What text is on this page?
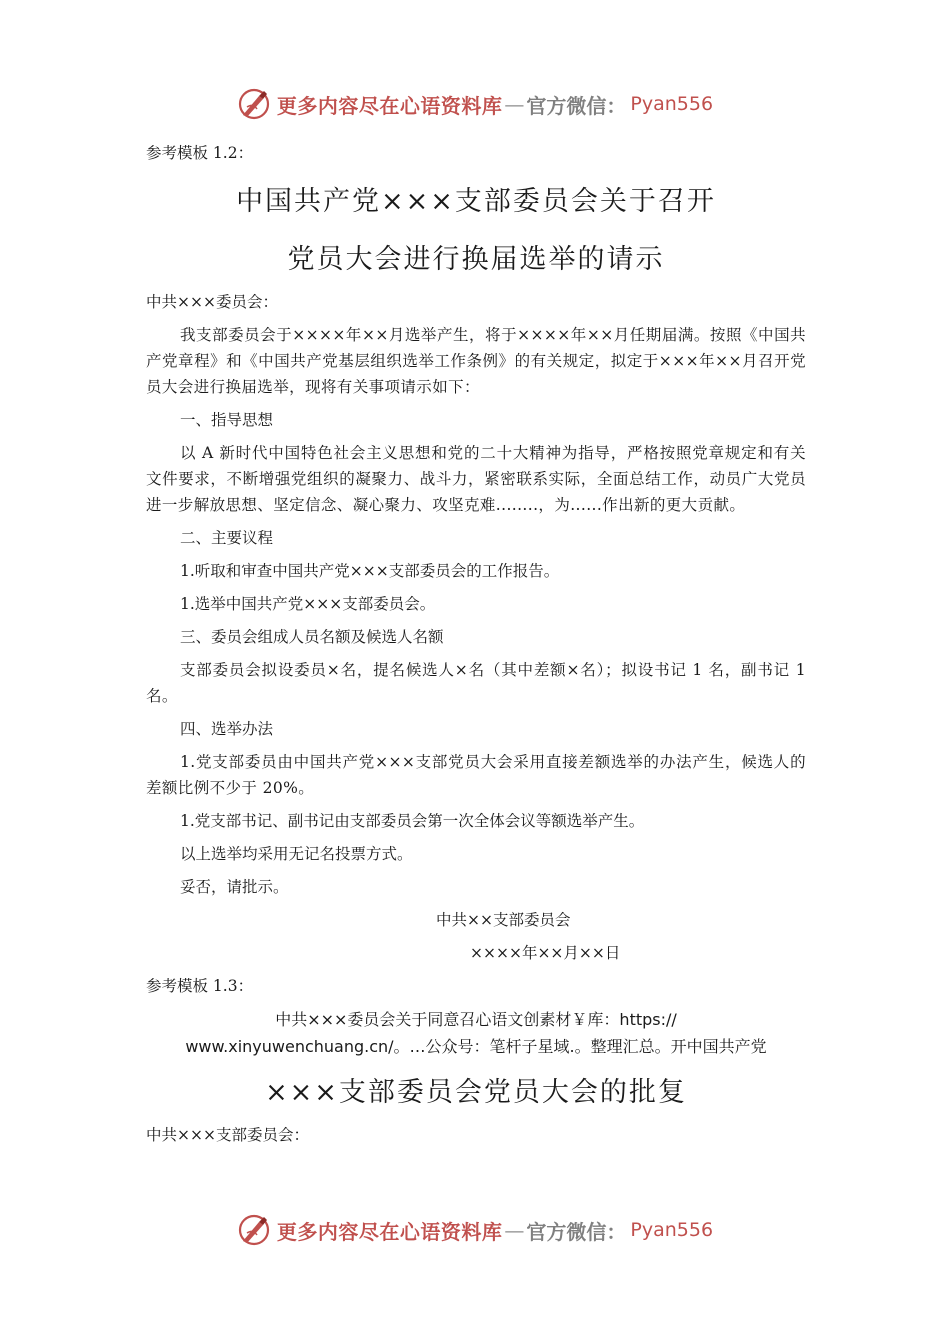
更多内容尽在心语资料库 — 官方微信： Pyan556

参考模板 1.2：

中国共产党×××支部委员会关于召开
党员大会进行换届选举的请示

中共×××委员会：

我支部委员会于××××年××月选举产生，将于××××年××月任期届满。按照《中国共产党章程》和《中国共产党基层组织选举工作条例》的有关规定，拟定于×××年××月召开党员大会进行换届选举，现将有关事项请示如下：

一、指导思想

以 A 新时代中国特色社会主义思想和党的二十大精神为指导，严格按照党章规定和有关文件要求，不断增强党组织的凝聚力、战斗力，紧密联系实际，全面总结工作，动员广大党员进一步解放思想、坚定信念、凝心聚力、攻坚克难........，为......作出新的更大贡献。

二、主要议程

1.听取和审查中国共产党×××支部委员会的工作报告。

1.选举中国共产党×××支部委员会。

三、委员会组成人员名额及候选人名额

支部委员会拟设委员×名，提名候选人×名（其中差额×名）；拟设书记 1 名，副书记 1 名。

四、选举办法

1.党支部委员由中国共产党×××支部党员大会采用直接差额选举的办法产生，候选人的差额比例不少于 20%。

1.党支部书记、副书记由支部委员会第一次全体会议等额选举产生。

以上选举均采用无记名投票方式。

妥否，请批示。

中共××支部委员会

××××年××月××日

参考模板 1.3：

中共×××委员会关于同意召心语文创素材￥库：https://

www.xinyuwenchuang.cn/。…公众号：笔杆子星域.。整理汇总。开中国共产党

×××支部委员会党员大会的批复

中共×××支部委员会：

更多内容尽在心语资料库 — 官方微信： Pyan556
